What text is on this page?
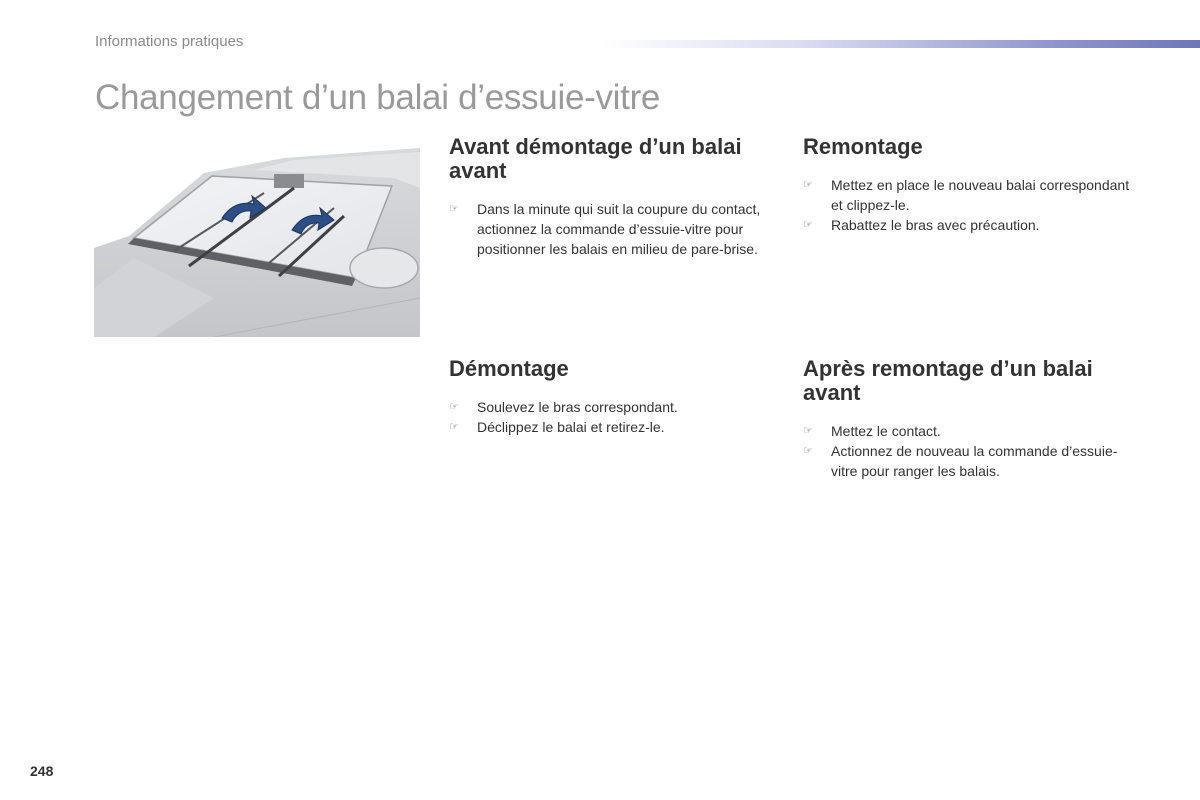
Informations pratiques
Changement d’un balai d’essuie-vitre
Avant démontage d’un balai avant
☞ Dans la minute qui suit la coupure du contact, actionnez la commande d’essuie-vitre pour positionner les balais en milieu de pare-brise.
Remontage
☞ Mettez en place le nouveau balai correspondant et clippez-le.
☞ Rabattez le bras avec précaution.
Démontage
☞ Soulevez le bras correspondant.
☞ Déclippez le balai et retirez-le.
Après remontage d’un balai avant
☞ Mettez le contact.
☞ Actionnez de nouveau la commande d’essuie-vitre pour ranger les balais.
248
